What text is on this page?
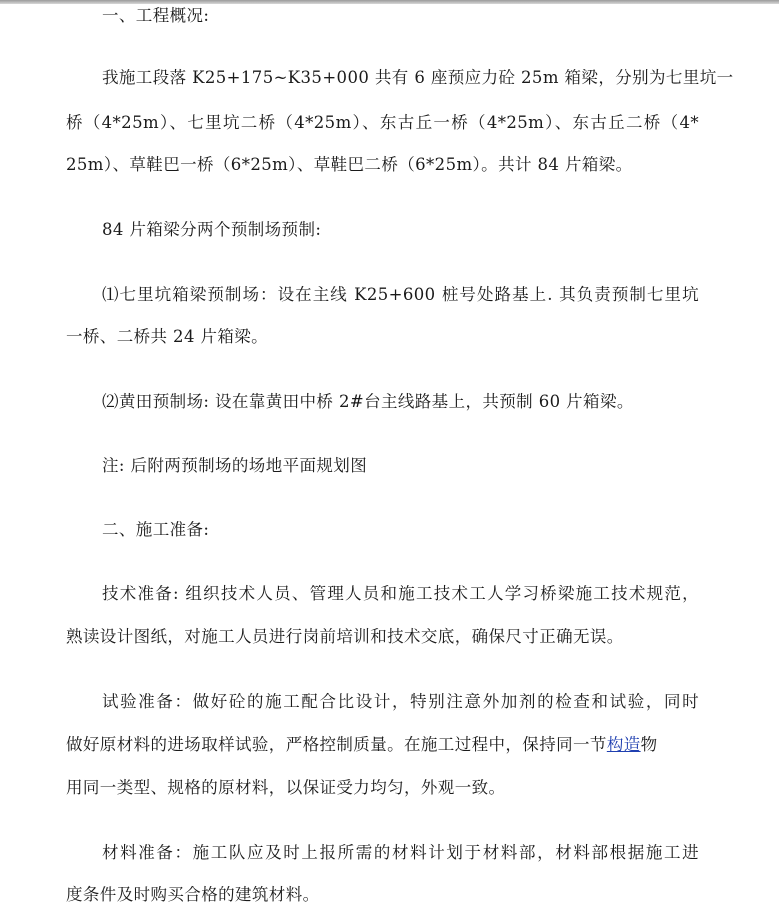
一、工程概况:
我施工段落 K25+175~K35+000 共有 6 座预应力砼 25m 箱梁，分别为七里坑一
桥（4*25m）、七里坑二桥（4*25m）、东古丘一桥（4*25m）、东古丘二桥（4*
25m）、草鞋巴一桥（6*25m）、草鞋巴二桥（6*25m）。共计 84 片箱梁。
84 片箱梁分两个预制场预制:
⑴七里坑箱梁预制场：设在主线 K25+600 桩号处路基上. 其负责预制七里坑
一桥、二桥共 24 片箱梁。
⑵黄田预制场: 设在靠黄田中桥 2#台主线路基上，共预制 60 片箱梁。
注: 后附两预制场的场地平面规划图
二、施工准备:
技术准备: 组织技术人员、管理人员和施工技术工人学习桥梁施工技术规范，
熟读设计图纸，对施工人员进行岗前培训和技术交底，确保尺寸正确无误。
试验准备：做好砼的施工配合比设计，特别注意外加剂的检查和试验，同时
做好原材料的进场取样试验，严格控制质量。在施工过程中，保持同一节构造物
用同一类型、规格的原材料，以保证受力均匀，外观一致。
材料准备：施工队应及时上报所需的材料计划于材料部，材料部根据施工进
度条件及时购买合格的建筑材料。
